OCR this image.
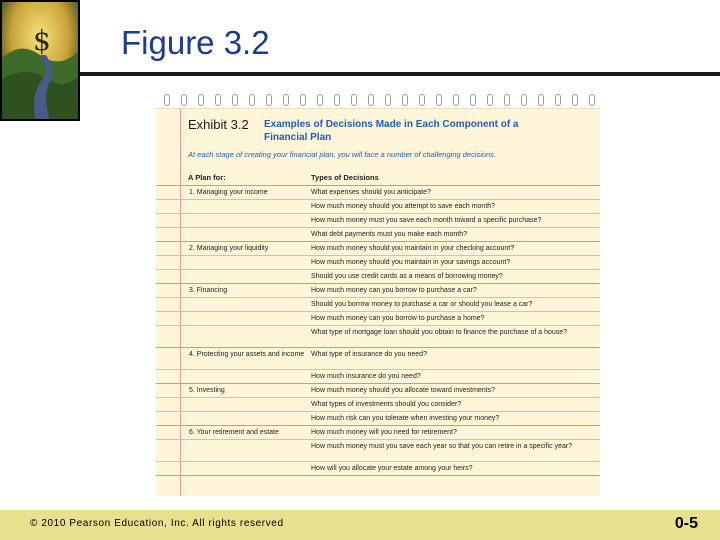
$ Figure 3.2
Exhibit 3.2 Examples of Decisions Made in Each Component of a Financial Plan
At each stage of creating your financial plan, you will face a number of challenging decisions.
A Plan for:	Types of Decisions
1. Managing your income	What expenses should you anticipate?
How much money should you attempt to save each month?
How much money must you save each month toward a specific purchase?
What debt payments must you make each month?
2. Managing your liquidity	How much money should you maintain in your checking account?
How much money should you maintain in your savings account?
Should you use credit cards as a means of borrowing money?
3. Financing	How much money can you borrow to purchase a car?
Should you borrow money to purchase a car or should you lease a car?
How much money can you borrow to purchase a home?
What type of mortgage loan should you obtain to finance the purchase of a house?
4. Protecting your assets and income What type of insurance do you need?
How much insurance do you need?
5. Investing	How much money should you allocate toward investments?
What types of investments should you consider?
How much risk can you tolerate when investing your money?
6. Your retirement and estate	How much money will you need for retirement?
How much money must you save each year so that you can retire in a specific year?
How will you allocate your estate among your heirs?
© 2010 Pearson Education, Inc. All rights reserved	0-5
